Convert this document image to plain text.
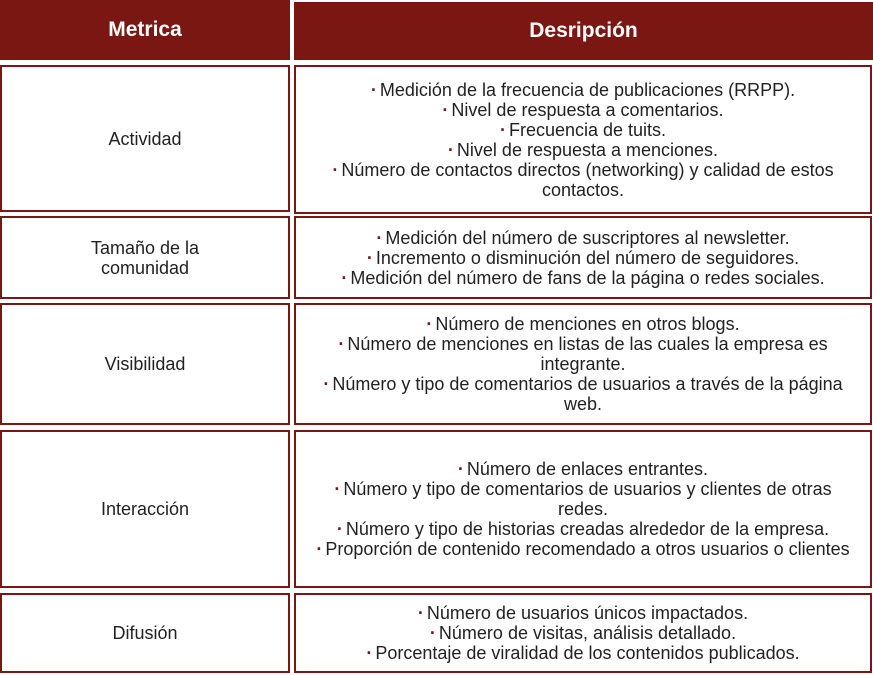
Metrica	Desripción
Actividad
· Medición de la frecuencia de publicaciones (RRPP).
· Nivel de respuesta a comentarios.
· Frecuencia de tuits.
· Nivel de respuesta a menciones.
· Número de contactos directos (networking) y calidad de estos contactos.
Tamaño de la comunidad
· Medición del número de suscriptores al newsletter.
· Incremento o disminución del número de seguidores.
· Medición del número de fans de la página o redes sociales.
Visibilidad
· Número de menciones en otros blogs.
· Número de menciones en listas de las cuales la empresa es integrante.
· Número y tipo de comentarios de usuarios a través de la página web.
Interacción
· Número de enlaces entrantes.
· Número y tipo de comentarios de usuarios y clientes de otras redes.
· Número y tipo de historias creadas alrededor de la empresa.
· Proporción de contenido recomendado a otros usuarios o clientes
Difusión
· Número de usuarios únicos impactados.
· Número de visitas, análisis detallado.
· Porcentaje de viralidad de los contenidos publicados.
